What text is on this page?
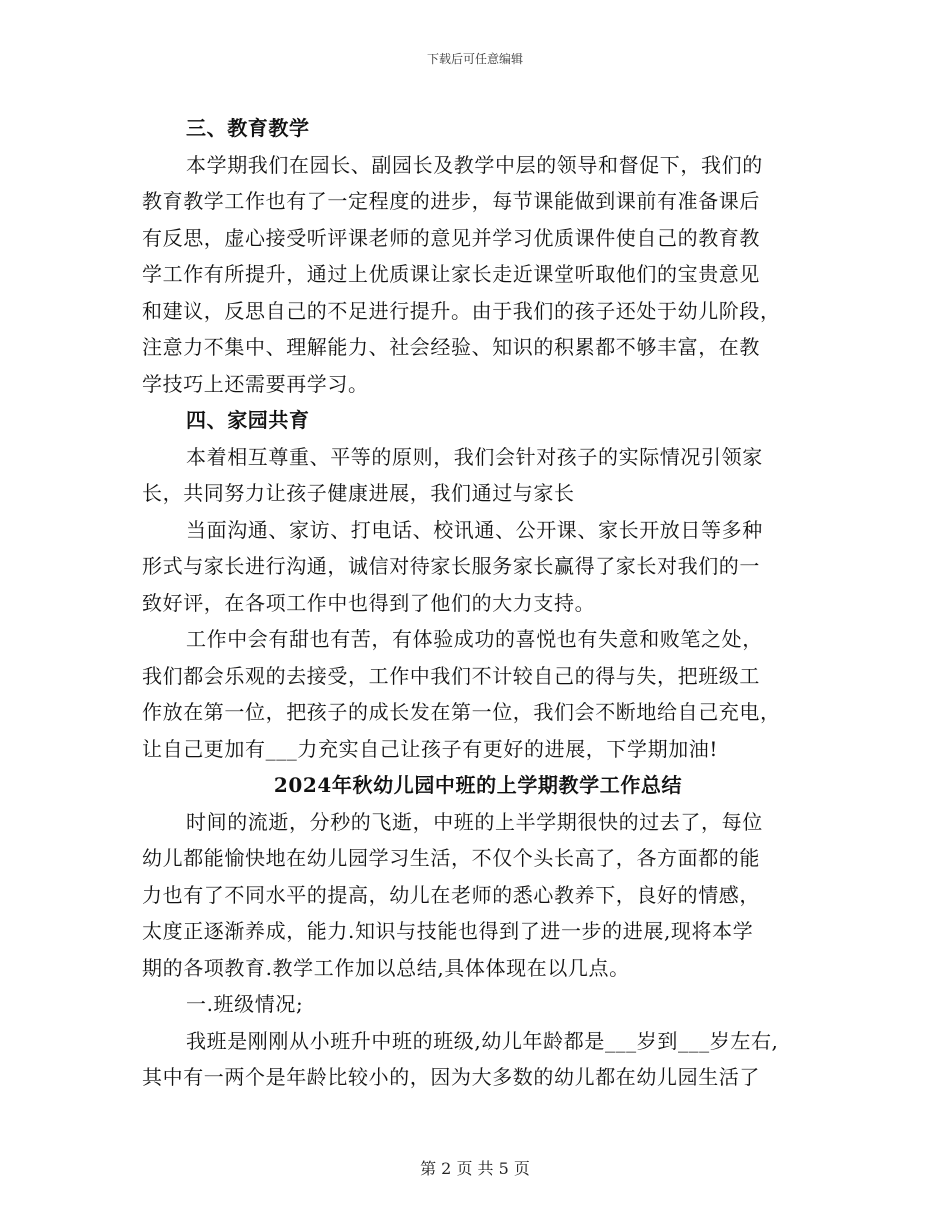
下载后可任意编辑
三、教育教学
本学期我们在园长、副园长及教学中层的领导和督促下，我们的
教育教学工作也有了一定程度的进步，每节课能做到课前有准备课后
有反思，虚心接受听评课老师的意见并学习优质课件使自己的教育教
学工作有所提升，通过上优质课让家长走近课堂听取他们的宝贵意见
和建议，反思自己的不足进行提升。由于我们的孩子还处于幼儿阶段，
注意力不集中、理解能力、社会经验、知识的积累都不够丰富，在教
学技巧上还需要再学习。
四、家园共育
本着相互尊重、平等的原则，我们会针对孩子的实际情况引领家
长，共同努力让孩子健康进展，我们通过与家长
当面沟通、家访、打电话、校讯通、公开课、家长开放日等多种
形式与家长进行沟通，诚信对待家长服务家长赢得了家长对我们的一
致好评，在各项工作中也得到了他们的大力支持。
工作中会有甜也有苦，有体验成功的喜悦也有失意和败笔之处，
我们都会乐观的去接受，工作中我们不计较自己的得与失，把班级工
作放在第一位，把孩子的成长发在第一位，我们会不断地给自己充电，
让自己更加有___力充实自己让孩子有更好的进展，下学期加油!
2024年秋幼儿园中班的上学期教学工作总结
时间的流逝，分秒的飞逝，中班的上半学期很快的过去了，每位
幼儿都能愉快地在幼儿园学习生活，不仅个头长高了，各方面都的能
力也有了不同水平的提高，幼儿在老师的悉心教养下，良好的情感，
太度正逐渐养成，能力.知识与技能也得到了进一步的进展,现将本学
期的各项教育.教学工作加以总结,具体体现在以几点。
一.班级情况;
我班是刚刚从小班升中班的班级,幼儿年龄都是___岁到___岁左右,
其中有一两个是年龄比较小的，因为大多数的幼儿都在幼儿园生活了
第 2 页 共 5 页
